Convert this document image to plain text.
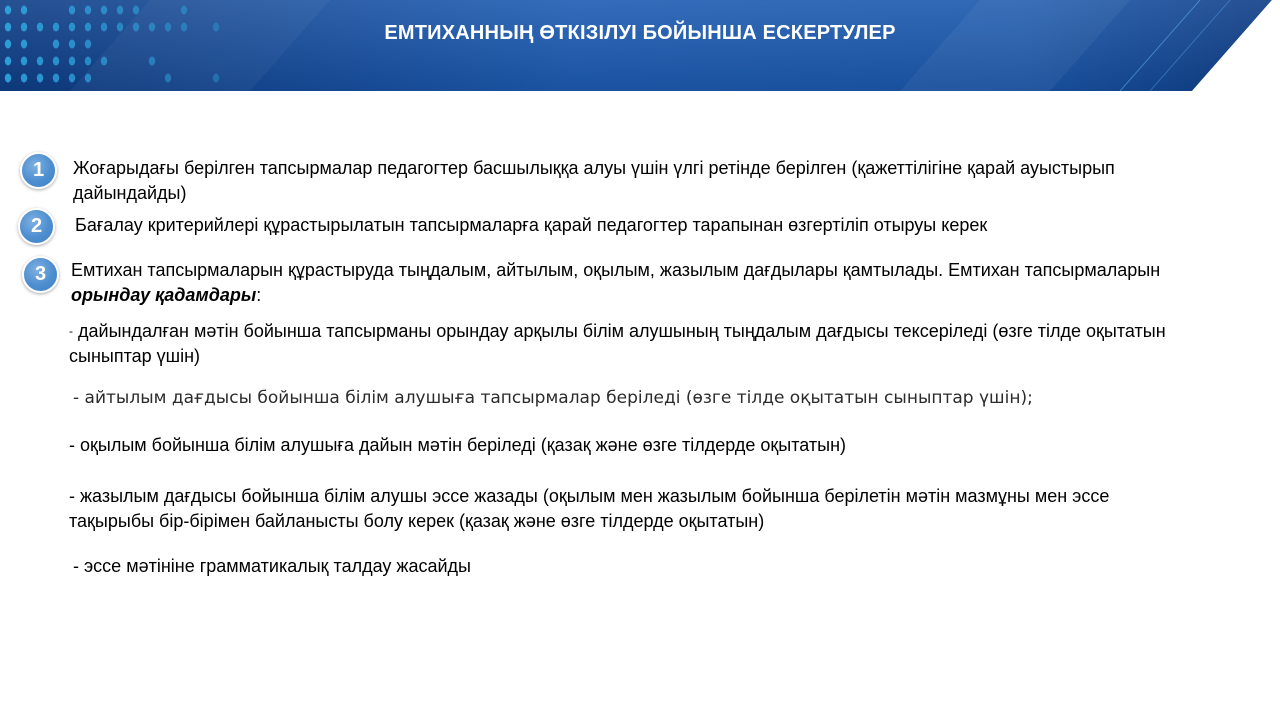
ЕМТИХАННЫҢ ӨТКІЗІЛУІ БОЙЫНША ЕСКЕРТУЛЕР
1	Жоғарыдағы берілген тапсырмалар педагогтер басшылыққа алуы үшін үлгі ретінде берілген (қажеттілігіне қарай ауыстырып дайындайды)
2	Бағалау критерийлері құрастырылатын тапсырмаларға қарай педагогтер тарапынан өзгертіліп отыруы керек
3	Емтихан тапсырмаларын құрастыруда тыңдалым, айтылым, оқылым, жазылым дағдылары қамтылады. Емтихан тапсырмаларын орындау қадамдары:
- дайындалған мәтін бойынша тапсырманы орындау арқылы білім алушының тыңдалым дағдысы тексеріледі (өзге тілде оқытатын сыныптар үшін)
- айтылым дағдысы бойынша білім алушыға тапсырмалар беріледі (өзге тілде оқытатын сыныптар үшін);
- оқылым бойынша білім алушыға дайын мәтін беріледі (қазақ және өзге тілдерде оқытатын)
- жазылым дағдысы бойынша білім алушы эссе жазады (оқылым мен жазылым бойынша берілетін мәтін мазмұны мен эссе тақырыбы бір-бірімен байланысты болу керек (қазақ және өзге тілдерде оқытатын)
- эссе мәтініне грамматикалық талдау жасайды
